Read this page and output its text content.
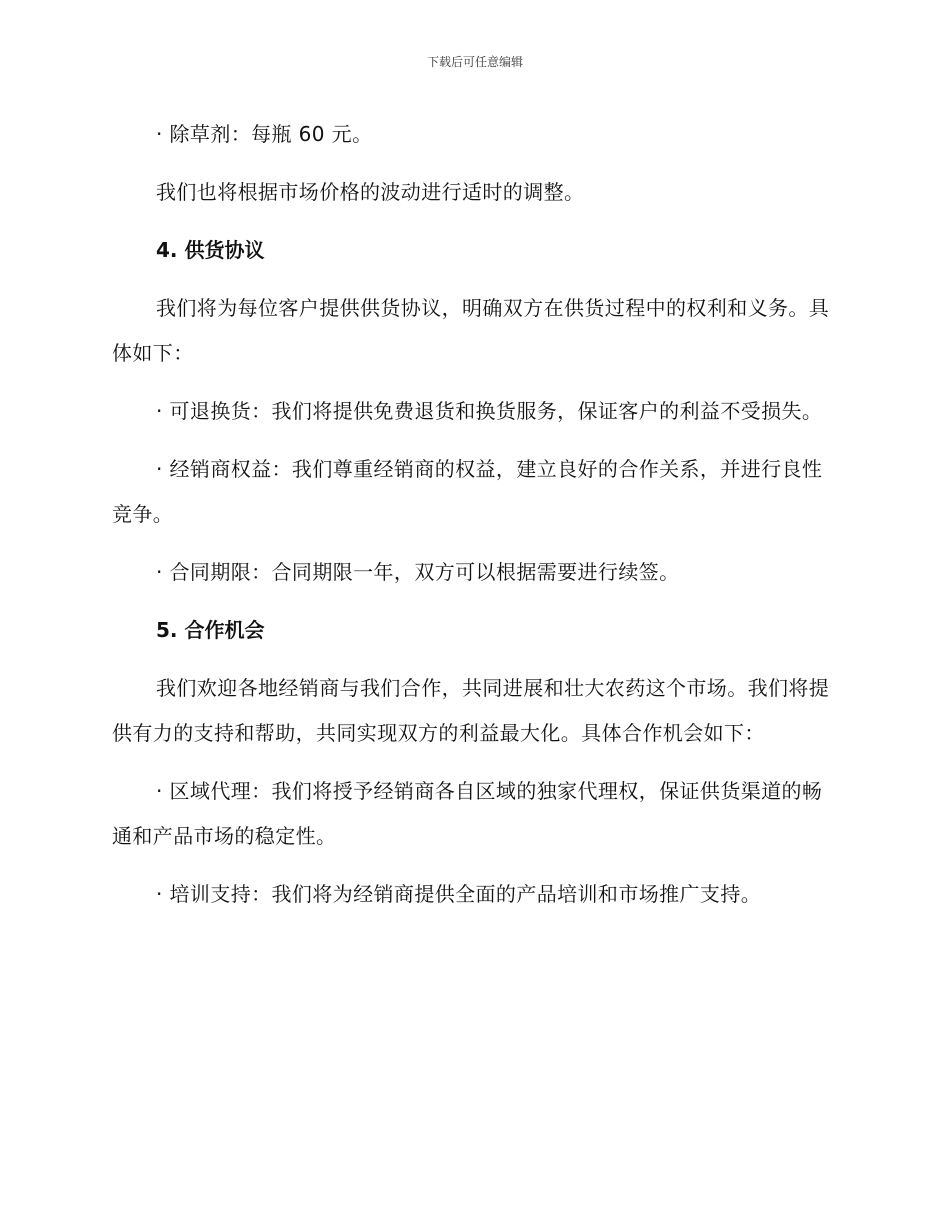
下载后可任意编辑

· 除草剂：每瓶 60 元。

我们也将根据市场价格的波动进行适时的调整。

4. 供货协议

我们将为每位客户提供供货协议，明确双方在供货过程中的权利和义务。具体如下：

· 可退换货：我们将提供免费退货和换货服务，保证客户的利益不受损失。

· 经销商权益：我们尊重经销商的权益，建立良好的合作关系，并进行良性竞争。

· 合同期限：合同期限一年，双方可以根据需要进行续签。

5. 合作机会

我们欢迎各地经销商与我们合作，共同进展和壮大农药这个市场。我们将提供有力的支持和帮助，共同实现双方的利益最大化。具体合作机会如下：

· 区域代理：我们将授予经销商各自区域的独家代理权，保证供货渠道的畅通和产品市场的稳定性。

· 培训支持：我们将为经销商提供全面的产品培训和市场推广支持。
